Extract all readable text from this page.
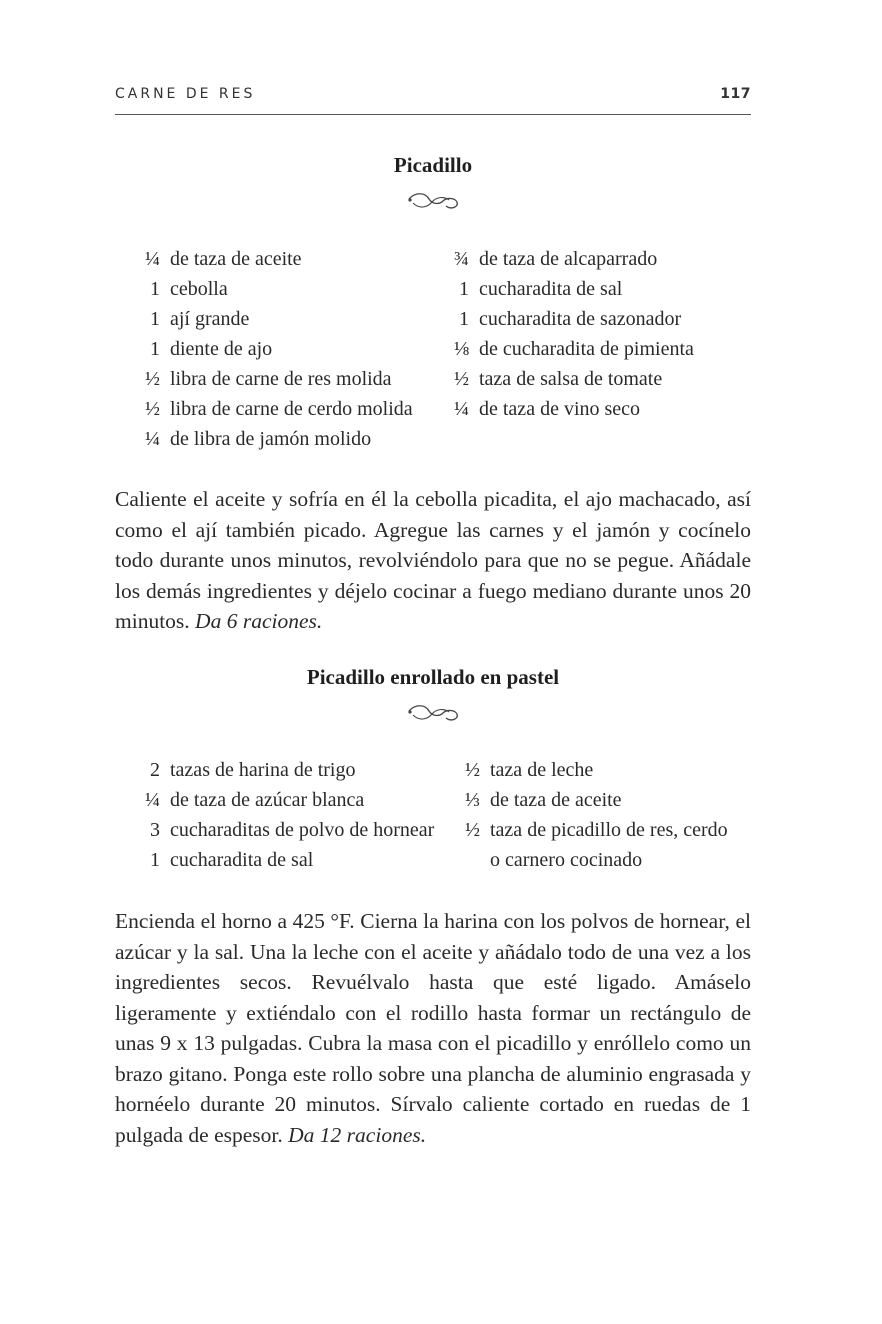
CARNE DE RES	117
Picadillo
¼ de taza de aceite
1 cebolla
1 ají grande
1 diente de ajo
½ libra de carne de res molida
½ libra de carne de cerdo molida
¼ de libra de jamón molido
¾ de taza de alcaparrado
1 cucharadita de sal
1 cucharadita de sazonador
⅛ de cucharadita de pimienta
½ taza de salsa de tomate
¼ de taza de vino seco

Caliente el aceite y sofría en él la cebolla picadita, el ajo machacado, así como el ají también picado. Agregue las carnes y el jamón y cocínelo todo durante unos minutos, revolviéndolo para que no se pegue. Añádale los demás ingredientes y déjelo cocinar a fuego mediano durante unos 20 minutos. Da 6 raciones.

Picadillo enrollado en pastel
2 tazas de harina de trigo
¼ de taza de azúcar blanca
3 cucharaditas de polvo de hornear
1 cucharadita de sal
½ taza de leche
⅓ de taza de aceite
½ taza de picadillo de res, cerdo
o carnero cocinado

Encienda el horno a 425 °F. Cierna la harina con los polvos de hornear, el azúcar y la sal. Una la leche con el aceite y añádalo todo de una vez a los ingredientes secos. Revuélvalo hasta que esté ligado. Amáselo ligeramente y extiéndalo con el rodillo hasta formar un rectángulo de unas 9 x 13 pulgadas. Cubra la masa con el picadillo y enróllelo como un brazo gitano. Ponga este rollo sobre una plancha de aluminio engrasada y hornéelo durante 20 minutos. Sírvalo caliente cortado en ruedas de 1 pulgada de espesor. Da 12 raciones.
